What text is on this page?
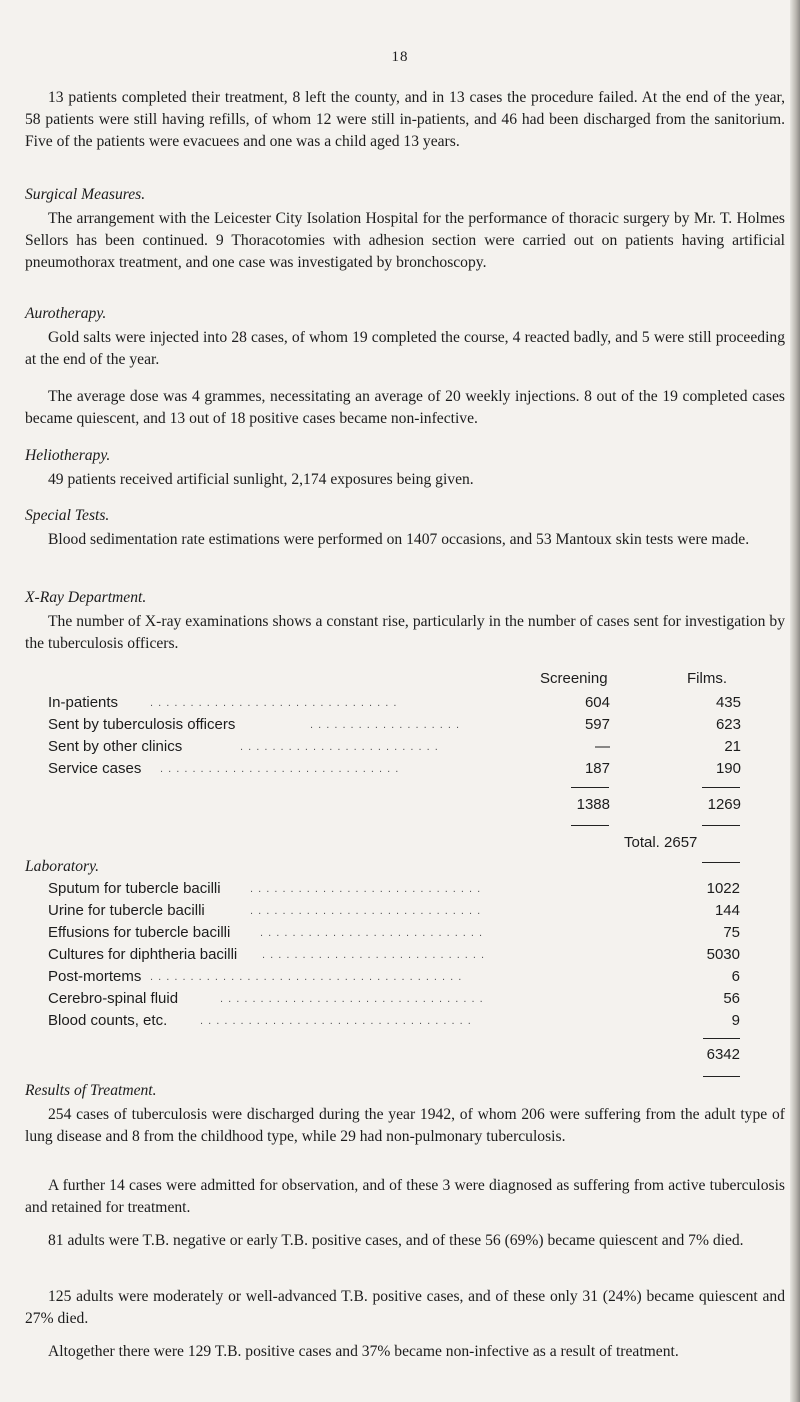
18

13 patients completed their treatment, 8 left the county, and in 13 cases the procedure failed. At the end of the year, 58 patients were still having refills, of whom 12 were still in-patients, and 46 had been discharged from the sanitorium. Five of the patients were evacuees and one was a child aged 13 years.

Surgical Measures.

The arrangement with the Leicester City Isolation Hospital for the performance of thoracic surgery by Mr. T. Holmes Sellors has been continued. 9 Thoracotomies with adhesion section were carried out on patients having artificial pneumothorax treatment, and one case was investigated by bronchoscopy.

Aurotherapy.

Gold salts were injected into 28 cases, of whom 19 completed the course, 4 reacted badly, and 5 were still proceeding at the end of the year.

The average dose was 4 grammes, necessitating an average of 20 weekly injections. 8 out of the 19 completed cases became quiescent, and 13 out of 18 positive cases became non-infective.

Heliotherapy.

49 patients received artificial sunlight, 2,174 exposures being given.

Special Tests.

Blood sedimentation rate estimations were performed on 1407 occasions, and 53 Mantoux skin tests were made.

X-Ray Department.

The number of X-ray examinations shows a constant rise, particularly in the number of cases sent for investigation by the tuberculosis officers.

Screening	Films.
In-patients	. . . . . . . . . . . . . . . . . . . . . . . . . . . . . . .	604	435
Sent by tuberculosis officers	. . . . . . . . . . . . . . . . . . .	597	623
Sent by other clinics	. . . . . . . . . . . . . . . . . . . . . . . . .	—	21
Service cases . . . . . . . . . . . . . . . . . . . . . . . . . . . . . .	187	190
1388	1269
Total. 2657

Laboratory.

Sputum for tubercle bacilli	. . . . . . . . . . . . . . . . . . . . . . . . . . . . .	1022
Urine for tubercle bacilli	. . . . . . . . . . . . . . . . . . . . . . . . . . . . .	144
Effusions for tubercle bacilli	. . . . . . . . . . . . . . . . . . . . . . . . . . . .	75
Cultures for diphtheria bacilli . . . . . . . . . . . . . . . . . . . . . . . . . . . .	5030
Post-mortems . . . . . . . . . . . . . . . . . . . . . . . . . . . . . . . . . . . . . . .	6
Cerebro-spinal fluid	. . . . . . . . . . . . . . . . . . . . . . . . . . . . . . . . .	56
Blood counts, etc.	. . . . . . . . . . . . . . . . . . . . . . . . . . . . . . . . . .	9
6342

Results of Treatment.

254 cases of tuberculosis were discharged during the year 1942, of whom 206 were suffering from the adult type of lung disease and 8 from the childhood type, while 29 had non-pulmonary tuberculosis.

A further 14 cases were admitted for observation, and of these 3 were diagnosed as suffering from active tuberculosis and retained for treatment.

81 adults were T.B. negative or early T.B. positive cases, and of these 56 (69%) became quiescent and 7% died.

125 adults were moderately or well-advanced T.B. positive cases, and of these only 31 (24%) became quiescent and 27% died.

Altogether there were 129 T.B. positive cases and 37% became non-infective as a result of treatment.
